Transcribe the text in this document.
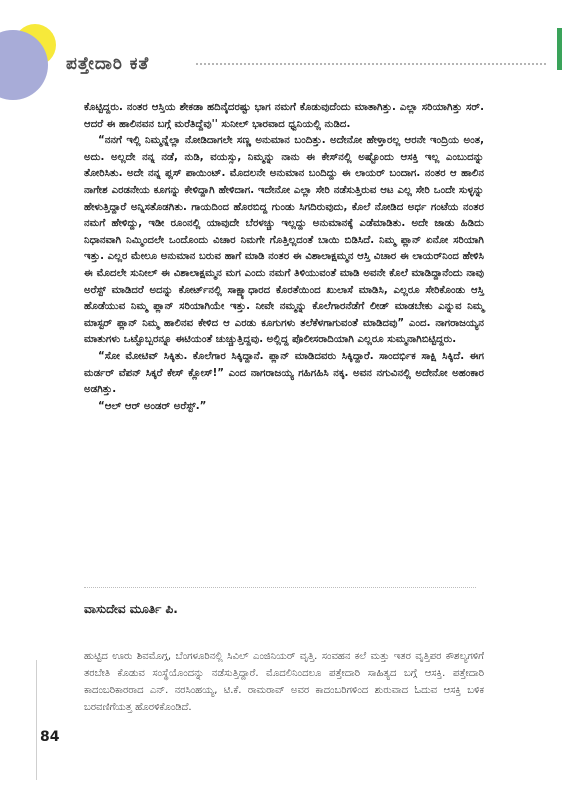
ಪತ್ತೇದಾರಿ ಕತೆ

ಕೊಟ್ಟಿದ್ದರು. ನಂತರ ಆಸ್ತಿಯ ಶೇಕಡಾ ಹದಿನೈದರಷ್ಟು ಭಾಗ ನಮಗೆ ಕೊಡುವುದೆಂದು ಮಾತಾಗಿತ್ತು. ಎಲ್ಲಾ ಸರಿಯಾಗಿತ್ತು ಸರ್. ಆದರೆ ಈ ಹಾಲಿನವನ ಬಗ್ಗೆ ಮರೆತಿದ್ದೆವು'' ಸುನೀಲ್ ಭಾರವಾದ ಧ್ವನಿಯಲ್ಲಿ ನುಡಿದ.

“ನನಗೆ ಇಲ್ಲಿ ನಿಮ್ಮನ್ನೆಲ್ಲಾ ನೋಡಿದಾಗಲೇ ಸಣ್ಣ ಅನುಮಾನ ಬಂದಿತ್ತು. ಅದೇನೋ ಹೇಳ್ತಾರಲ್ಲ ಆರನೇ ಇಂದ್ರಿಯ ಅಂತ, ಅದು. ಅಲ್ಲದೇ ನನ್ನ ನಡೆ, ನುಡಿ, ವಯಸ್ಸು, ನಿಮ್ಮನ್ನು ನಾನು ಈ ಕೇಸ್‌ನಲ್ಲಿ ಅಷ್ಟೊಂದು ಆಸಕ್ತಿ ಇಲ್ಲ ಎಂಬುದನ್ನು ತೋರಿಸಿತು. ಅದೇ ನನ್ನ ಪ್ಲಸ್ ಪಾಯಿಂಟ್. ಮೊದಲನೇ ಅನುಮಾನ ಬಂದಿದ್ದು ಈ ಲಾಯರ್ ಬಂದಾಗ. ನಂತರ ಆ ಹಾಲಿನ ನಾಗೇಶ ಎರಡನೇಯ ಕೂಗನ್ನು ಕೇಳಿದ್ದಾಗಿ ಹೇಳಿದಾಗ. ಇದೇನೋ ಎಲ್ಲಾ ಸೇರಿ ನಡೆಸುತ್ತಿರುವ ಆಟ ಎಲ್ಲ ಸೇರಿ ಒಂದೇ ಸುಳ್ಳನ್ನು ಹೇಳುತ್ತಿದ್ದಾರೆ ಅನ್ನಿಸತೊಡಗಿತು. ಗಾಯದಿಂದ ಹೊರಬಿದ್ದ ಗುಂಡು ಸಿಗದಿರುವುದು, ಕೊಲೆ ನೋಡಿದ ಅರ್ಧ ಗಂಟೆಯ ನಂತರ ನಮಗೆ ಹೇಳಿದ್ದು, ಇಡೀ ರೂಂನಲ್ಲಿ ಯಾವುದೇ ಬೆರಳಚ್ಚು ಇಲ್ಲದ್ದು ಅನುಮಾನಕ್ಕೆ ಎಡೆಮಾಡಿತು. ಅದೇ ಜಾಡು ಹಿಡಿದು ನಿಧಾನವಾಗಿ ನಿಮ್ಮಿಂದಲೇ ಒಂದೊಂದು ವಿಚಾರ ನಿಮಗೇ ಗೊತ್ತಿಲ್ಲದಂತೆ ಬಾಯಿ ಬಿಡಿಸಿದೆ. ನಿಮ್ಮ ಪ್ಲಾನ್ ಏನೋ ಸರಿಯಾಗಿ ಇತ್ತು. ಎಲ್ಲರ ಮೇಲೂ ಅನುಮಾನ ಬರುವ ಹಾಗೆ ಮಾಡಿ ನಂತರ ಈ ವಿಶಾಲಾಕ್ಷಮ್ಮನ ಆಸ್ತಿ ವಿಚಾರ ಈ ಲಾಯರ್‌ನಿಂದ ಹೇಳಿಸಿ ಈ ಮೊದಲೇ ಸುನೀಲ್ ಈ ವಿಶಾಲಾಕ್ಷಮ್ಮನ ಮಗ ಎಂದು ನಮಗೆ ತಿಳಿಯುವಂತೆ ಮಾಡಿ ಅವನೇ ಕೊಲೆ ಮಾಡಿದ್ದಾನೆಂದು ನಾವು ಅರೆಸ್ಟ್ ಮಾಡಿದರೆ ಅದನ್ನು ಕೋರ್ಟ್‌ನಲ್ಲಿ ಸಾಕ್ಷ್ಯಾಧಾರದ ಕೊರತೆಯಿಂದ ಖುಲಾಸೆ ಮಾಡಿಸಿ, ಎಲ್ಲರೂ ಸೇರಿಕೊಂಡು ಆಸ್ತಿ ಹೊಡೆಯುವ ನಿಮ್ಮ ಪ್ಲಾನ್ ಸರಿಯಾಗಿಯೇ ಇತ್ತು. ನೀವೇ ನಮ್ಮನ್ನು ಕೊಲೆಗಾರನೆಡೆಗೆ ಲೀಡ್ ಮಾಡಬೇಕು ಎನ್ನುವ ನಿಮ್ಮ ಮಾಸ್ಟರ್ ಪ್ಲಾನ್ ನಿಮ್ಮ ಹಾಲಿನವ ಕೇಳಿದ ಆ ಎರಡು ಕೂಗುಗಳು ತಲೆಕೆಳಗಾಗುವಂತೆ ಮಾಡಿದವು” ಎಂದ. ನಾಗರಾಜಯ್ಯನ ಮಾತುಗಳು ಒಟ್ಟೊಬ್ಬರನ್ನೂ ಈಟಿಯಂತೆ ಚುಚ್ಚುತ್ತಿದ್ದವು. ಅಲ್ಲಿದ್ದ ಪೊಲೀಸರಾದಿಯಾಗಿ ಎಲ್ಲರೂ ಸುಮ್ಮನಾಗಿಬಿಟ್ಟಿದ್ದರು.

“ಸೋ ಮೋಟಿವ್ ಸಿಕ್ಕಿತು. ಕೊಲೆಗಾರ ಸಿಕ್ಕಿದ್ದಾನೆ. ಪ್ಲಾನ್ ಮಾಡಿದವರು ಸಿಕ್ಕಿದ್ದಾರೆ. ಸಾಂದರ್ಭಿಕ ಸಾಕ್ಷಿ ಸಿಕ್ಕಿದೆ. ಈಗ ಮರ್ಡರ್ ವೆಪನ್ ಸಿಕ್ಕರೆ ಕೇಸ್ ಕ್ಲೋಸ್!” ಎಂದ ನಾಗರಾಜಯ್ಯ ಗಹಿಗಹಿಸಿ ನಕ್ಕ. ಅವನ ನಗುವಿನಲ್ಲಿ ಅದೇನೋ ಅಹಂಕಾರ ಅಡಗಿತ್ತು.

“ಆಲ್ ಆರ್ ಅಂಡರ್ ಅರೆಸ್ಟ್.”

ವಾಸುದೇವ ಮೂರ್ತಿ ಪಿ.
ಹುಟ್ಟಿದ ಊರು ಶಿವಮೊಗ್ಗ, ಬೆಂಗಳೂರಿನಲ್ಲಿ ಸಿವಿಲ್ ಎಂಜಿನಿಯರ್ ವೃತ್ತಿ. ಸಂವಹನ ಕಲೆ ಮತ್ತು ಇತರ ವೃತ್ತಿಪರ ಕೌಶಲ್ಯಗಳಿಗೆ ತರಬೇತಿ ಕೊಡುವ ಸಂಸ್ಥೆಯೊಂದನ್ನು ನಡೆಸುತ್ತಿದ್ದಾರೆ. ಮೊದಲಿನಿಂದಲೂ ಪತ್ತೇದಾರಿ ಸಾಹಿತ್ಯದ ಬಗ್ಗೆ ಆಸಕ್ತಿ. ಪತ್ತೇದಾರಿ ಕಾದಂಬರಿಕಾರರಾದ ಎನ್. ನರಸಿಂಹಯ್ಯ, ಟಿ.ಕೆ. ರಾಮರಾವ್ ಅವರ ಕಾದಂಬರಿಗಳಿಂದ ಶುರುವಾದ ಓದುವ ಆಸಕ್ತಿ ಬಳಿಕ ಬರವಣಿಗೆಯತ್ತ ಹೊರಳಿಕೊಂಡಿದೆ.
84
